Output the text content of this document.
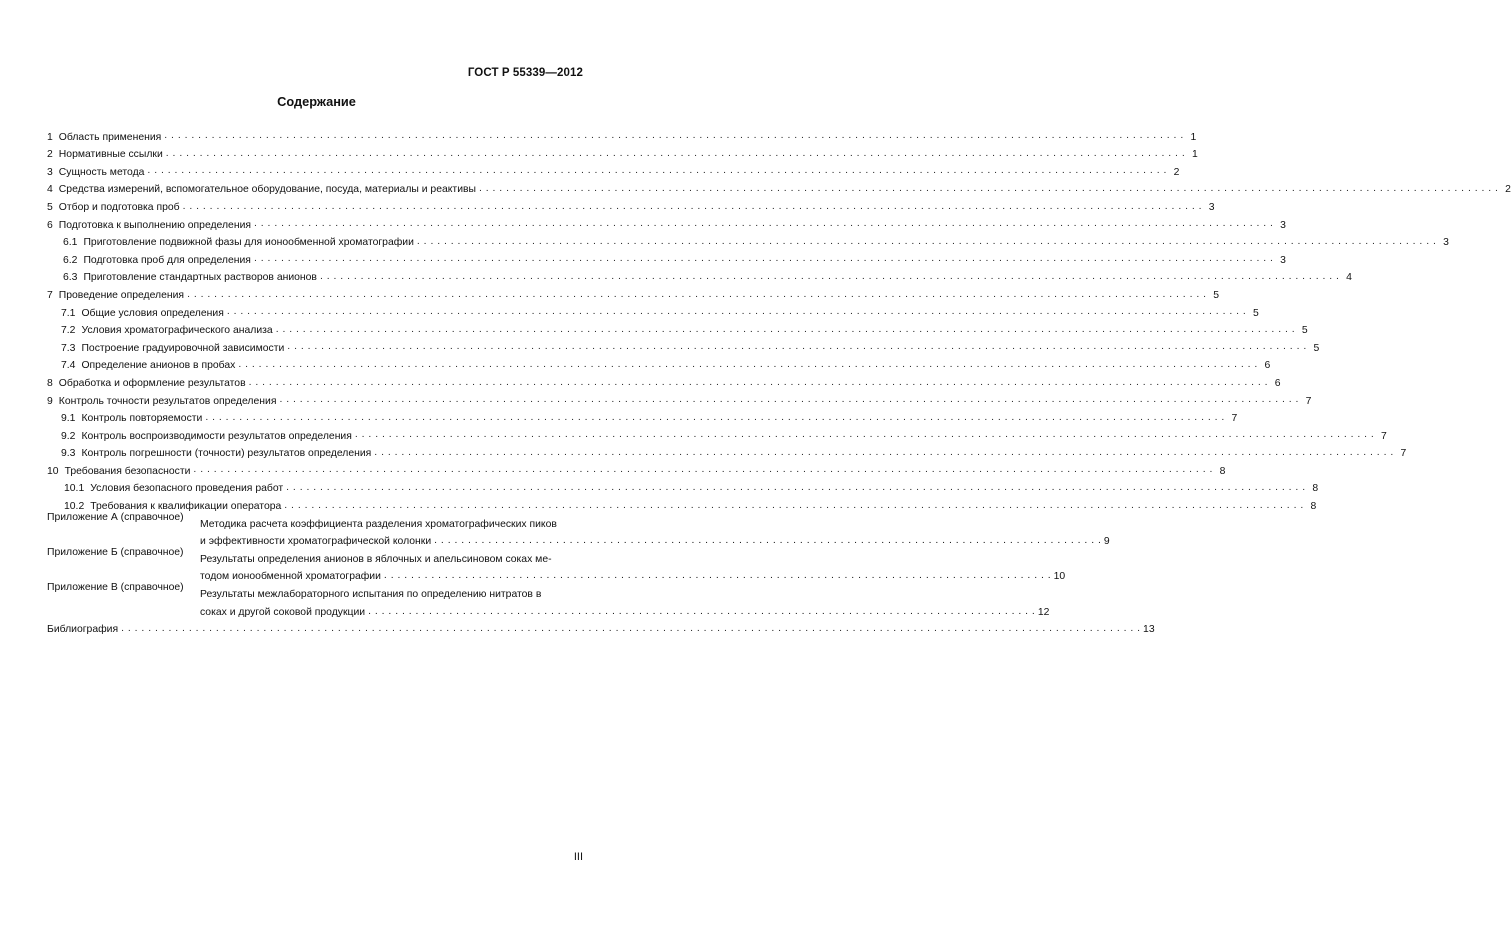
ГОСТ Р 55339—2012
Содержание
1 Область применения . . .	1
2 Нормативные ссылки . . .	1
3 Сущность метода . . .	2
4 Средства измерений, вспомогательное оборудование, посуда, материалы и реактивы . . .	2
5 Отбор и подготовка проб . . .	3
6 Подготовка к выполнению определения . . .	3
6.1 Приготовление подвижной фазы для ионообменной хроматографии . . .	3
6.2 Подготовка проб для определения . . .	3
6.3 Приготовление стандартных растворов анионов . . .	4
7 Проведение определения . . .	5
7.1 Общие условия определения . . .	5
7.2 Условия хроматографического анализа . . .	5
7.3 Построение градуировочной зависимости . . .	5
7.4 Определение анионов в пробах . . .	6
8 Обработка и оформление результатов . . .	6
9 Контроль точности результатов определения . . .	7
9.1 Контроль повторяемости . . .	7
9.2 Контроль воспроизводимости результатов определения . . .	7
9.3 Контроль погрешности (точности) результатов определения . . .	7
10 Требования безопасности . . .	8
10.1 Условия безопасного проведения работ . . .	8
10.2 Требования к квалификации оператора . . .	8
Приложение А (справочное)
Методика расчета коэффициента разделения хроматографических пиков
и эффективности хроматографической колонки . . .	9
Приложение Б (справочное)
Результаты определения анионов в яблочных и апельсиновом соках ме-
тодом ионообменной хроматографии . . .	10
Приложение В (справочное)
Результаты межлабораторного испытания по определению нитратов в
соках и другой соковой продукции . . .	12
Библиография . . .	13
III
